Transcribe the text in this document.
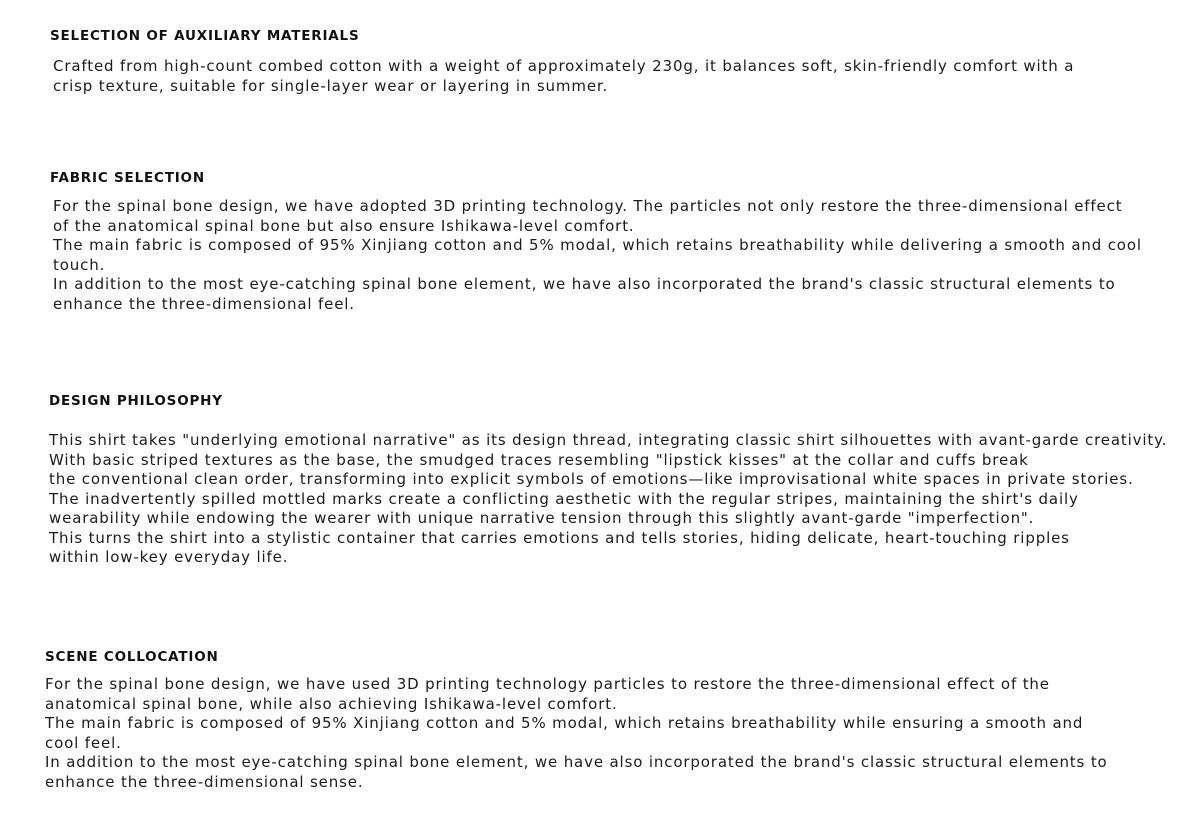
SELECTION OF AUXILIARY MATERIALS
Crafted from high-count combed cotton with a weight of approximately 230g, it balances soft, skin-friendly comfort with a
crisp texture, suitable for single-layer wear or layering in summer.
FABRIC SELECTION
For the spinal bone design, we have adopted 3D printing technology. The particles not only restore the three-dimensional effect
of the anatomical spinal bone but also ensure Ishikawa-level comfort.
The main fabric is composed of 95% Xinjiang cotton and 5% modal, which retains breathability while delivering a smooth and cool
touch.
In addition to the most eye-catching spinal bone element, we have also incorporated the brand's classic structural elements to
enhance the three-dimensional feel.
DESIGN PHILOSOPHY
This shirt takes "underlying emotional narrative" as its design thread, integrating classic shirt silhouettes with avant-garde creativity.
With basic striped textures as the base, the smudged traces resembling "lipstick kisses" at the collar and cuffs break
the conventional clean order, transforming into explicit symbols of emotions—like improvisational white spaces in private stories.
The inadvertently spilled mottled marks create a conflicting aesthetic with the regular stripes, maintaining the shirt's daily
wearability while endowing the wearer with unique narrative tension through this slightly avant-garde "imperfection".
This turns the shirt into a stylistic container that carries emotions and tells stories, hiding delicate, heart-touching ripples
within low-key everyday life.
SCENE COLLOCATION
For the spinal bone design, we have used 3D printing technology particles to restore the three-dimensional effect of the
anatomical spinal bone, while also achieving Ishikawa-level comfort.
The main fabric is composed of 95% Xinjiang cotton and 5% modal, which retains breathability while ensuring a smooth and
cool feel.
In addition to the most eye-catching spinal bone element, we have also incorporated the brand's classic structural elements to
enhance the three-dimensional sense.
